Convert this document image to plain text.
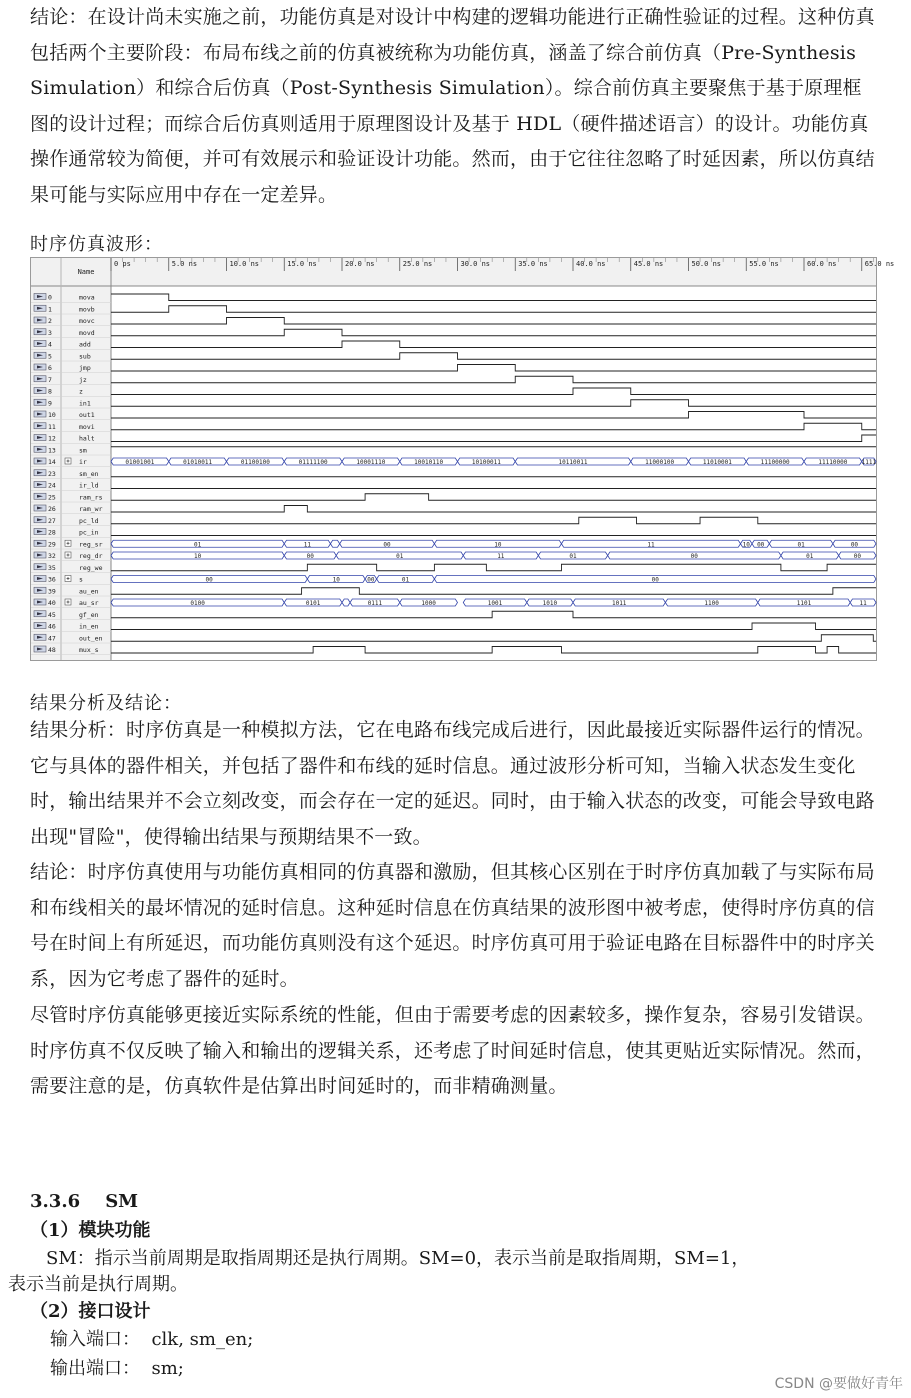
结论：在设计尚未实施之前，功能仿真是对设计中构建的逻辑功能进行正确性验证的过程。这种仿真包括两个主要阶段：布局布线之前的仿真被统称为功能仿真，涵盖了综合前仿真（Pre-Synthesis Simulation）和综合后仿真（Post-Synthesis Simulation）。综合前仿真主要聚焦于基于原理框图的设计过程；而综合后仿真则适用于原理图设计及基于 HDL（硬件描述语言）的设计。功能仿真操作通常较为简便，并可有效展示和验证设计功能。然而，由于它往往忽略了时延因素，所以仿真结果可能与实际应用中存在一定差异。
时序仿真波形：
Name
0 ps	5.0 ns	10.0 ns	15.0 ns	20.0 ns	25.0 ns	30.0 ns	35.0 ns	40.0 ns	45.0 ns	50.0 ns	55.0 ns	60.0 ns	65.0 ns
0	movа
1	movb
2	movc
3	movd
4	add
5	sub
6	jmp
7	jz
8	z
9	in1
10	out1
11	movi
12	halt
13	sm
14	ir	01001001	01010011	01100100	01111100	10001110	10010110	10100011	10110011	11000100	11010001	11100000	11110000 1111
23	sm_en
24	ir_ld
25	ram_rs
26	ram_wr
27	pc_ld
28	pc_in
29	reg_sr	01	11	00	10	11	10 00	01	00
32	reg_dr	10	00	01	11	01	00	01	00
35	reg_we
36	s	00	10	00	01	00
39	au_en
40	au_sr	0100	0101	0111	1000	1001	1010	1011	1100	1101	11
45	gf_en
46	in_en
47	out_en
48	mux_s
结果分析及结论：
结果分析：时序仿真是一种模拟方法，它在电路布线完成后进行，因此最接近实际器件运行的情况。它与具体的器件相关，并包括了器件和布线的延时信息。通过波形分析可知，当输入状态发生变化时，输出结果并不会立刻改变，而会存在一定的延迟。同时，由于输入状态的改变，可能会导致电路出现"冒险"，使得输出结果与预期结果不一致。
结论：时序仿真使用与功能仿真相同的仿真器和激励，但其核心区别在于时序仿真加载了与实际布局和布线相关的最坏情况的延时信息。这种延时信息在仿真结果的波形图中被考虑，使得时序仿真的信号在时间上有所延迟，而功能仿真则没有这个延迟。时序仿真可用于验证电路在目标器件中的时序关系，因为它考虑了器件的延时。
尽管时序仿真能够更接近实际系统的性能，但由于需要考虑的因素较多，操作复杂，容易引发错误。时序仿真不仅反映了输入和输出的逻辑关系，还考虑了时间延时信息，使其更贴近实际情况。然而，需要注意的是，仿真软件是估算出时间延时的，而非精确测量。
3.3.6 SM
（1）模块功能
SM：指示当前周期是取指周期还是执行周期。SM=0，表示当前是取指周期，SM=1，
表示当前是执行周期。
（2）接口设计
输入端口： clk, sm_en;
输出端口： sm;
CSDN @要做好青年
